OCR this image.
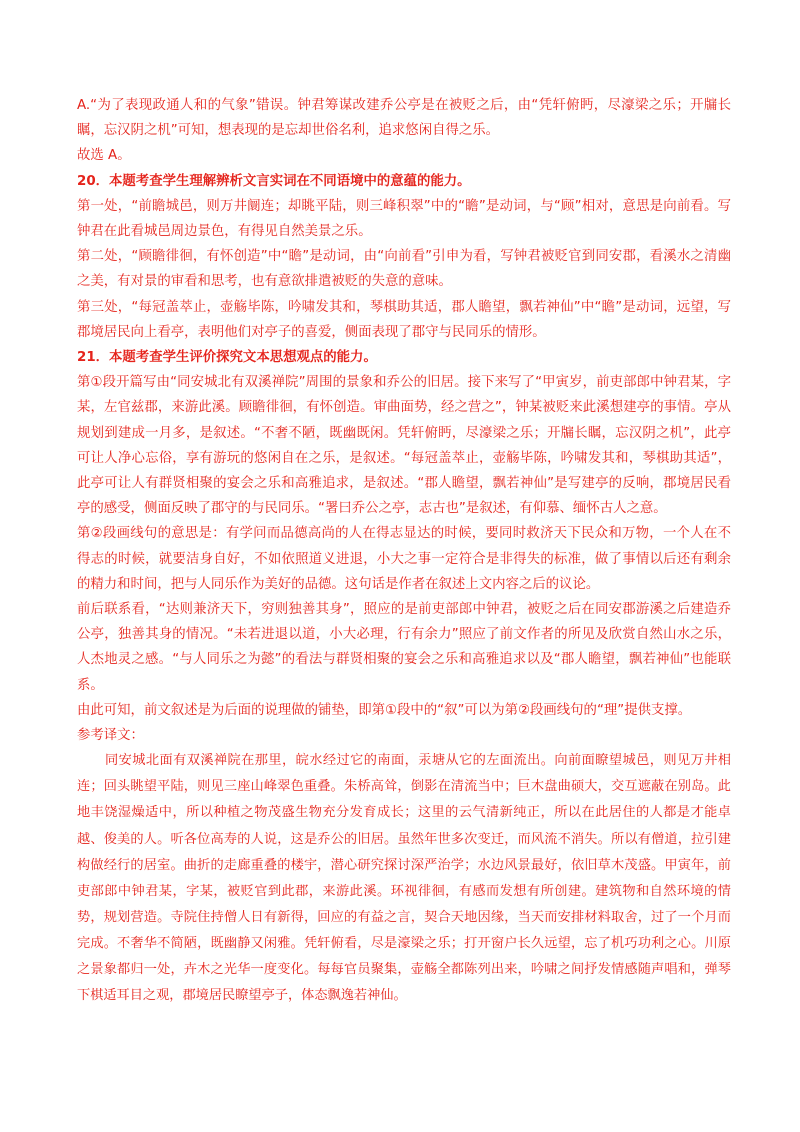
A.“为了表现政通人和的气象”错误。钟君筹谋改建乔公亭是在被贬之后，由“凭轩俯眄，尽濠梁之乐；开牖长瞩，忘汉阴之机”可知，想表现的是忘却世俗名利，追求悠闲自得之乐。

故选 A。

20．本题考查学生理解辨析文言实词在不同语境中的意蕴的能力。

第一处，“前瞻城邑，则万井阛连；却眺平陆，则三峰积翠”中的“瞻”是动词，与“顾”相对，意思是向前看。写钟君在此看城邑周边景色，有得见自然美景之乐。

第二处，“顾瞻徘徊，有怀创造”中“瞻”是动词，由“向前看”引申为看，写钟君被贬官到同安郡，看溪水之清幽之美，有对景的审看和思考，也有意欲排遣被贬的失意的意味。

第三处，“每冠盖萃止，壶觞毕陈，吟啸发其和，琴棋助其适，郡人瞻望，飘若神仙”中“瞻”是动词，远望，写郡境居民向上看亭，表明他们对亭子的喜爱，侧面表现了郡守与民同乐的情形。

21．本题考查学生评价探究文本思想观点的能力。

第①段开篇写由“同安城北有双溪禅院”周围的景象和乔公的旧居。接下来写了“甲寅岁，前吏部郎中钟君某，字某，左官兹郡，来游此溪。顾瞻徘徊，有怀创造。审曲面势，经之营之”，钟某被贬来此溪想建亭的事情。亭从规划到建成一月多，是叙述。“不奢不陋，既幽既闲。凭轩俯眄，尽濠梁之乐；开牖长瞩，忘汉阴之机”，此亭可让人净心忘俗，享有游玩的悠闲自在之乐，是叙述。“每冠盖萃止，壶觞毕陈，吟啸发其和，琴棋助其适”，此亭可让人有群贤相聚的宴会之乐和高雅追求，是叙述。“郡人瞻望，飘若神仙”是写建亭的反响，郡境居民看亭的感受，侧面反映了郡守的与民同乐。“署曰乔公之亭，志古也”是叙述，有仰慕、缅怀古人之意。

第②段画线句的意思是：有学问而品德高尚的人在得志显达的时候，要同时救济天下民众和万物，一个人在不得志的时候，就要洁身自好，不如依照道义进退，小大之事一定符合是非得失的标准，做了事情以后还有剩余的精力和时间，把与人同乐作为美好的品德。这句话是作者在叙述上文内容之后的议论。

前后联系看，“达则兼济天下，穷则独善其身”，照应的是前吏部郎中钟君，被贬之后在同安郡游溪之后建造乔公亭，独善其身的情况。“未若进退以道，小大必理，行有余力”照应了前文作者的所见及欣赏自然山水之乐，人杰地灵之感。“与人同乐之为懿”的看法与群贤相聚的宴会之乐和高雅追求以及“郡人瞻望，飘若神仙”也能联系。

由此可知，前文叙述是为后面的说理做的铺垫，即第①段中的“叙”可以为第②段画线句的“理”提供支撑。

参考译文：

同安城北面有双溪禅院在那里，皖水经过它的南面，汞塘从它的左面流出。向前面瞭望城邑，则见万井相连；回头眺望平陆，则见三座山峰翠色重叠。朱桥高耸，倒影在清流当中；巨木盘曲硕大，交互遮蔽在别岛。此地丰饶湿燥适中，所以种植之物茂盛生物充分发育成长；这里的云气清新纯正，所以在此居住的人都是才能卓越、俊美的人。听各位高寿的人说，这是乔公的旧居。虽然年世多次变迁，而风流不消失。所以有僧道，拉引建构做经行的居室。曲折的走廊重叠的楼宇，潜心研究探讨深严治学；水边风景最好，依旧草木茂盛。甲寅年，前吏部郎中钟君某，字某，被贬官到此郡，来游此溪。环视徘徊，有感而发想有所创建。建筑物和自然环境的情势，规划营造。寺院住持僧人日有新得，回应的有益之言，契合天地因缘，当天而安排材料取舍，过了一个月而完成。不奢华不简陋，既幽静又闲雅。凭轩俯看，尽是濠梁之乐；打开窗户长久远望，忘了机巧功利之心。川原之景象都归一处，卉木之光华一度变化。每每官员聚集，壶觞全都陈列出来，吟啸之间抒发情感随声唱和，弹琴下棋适耳目之观，郡境居民瞭望亭子，体态飘逸若神仙。
